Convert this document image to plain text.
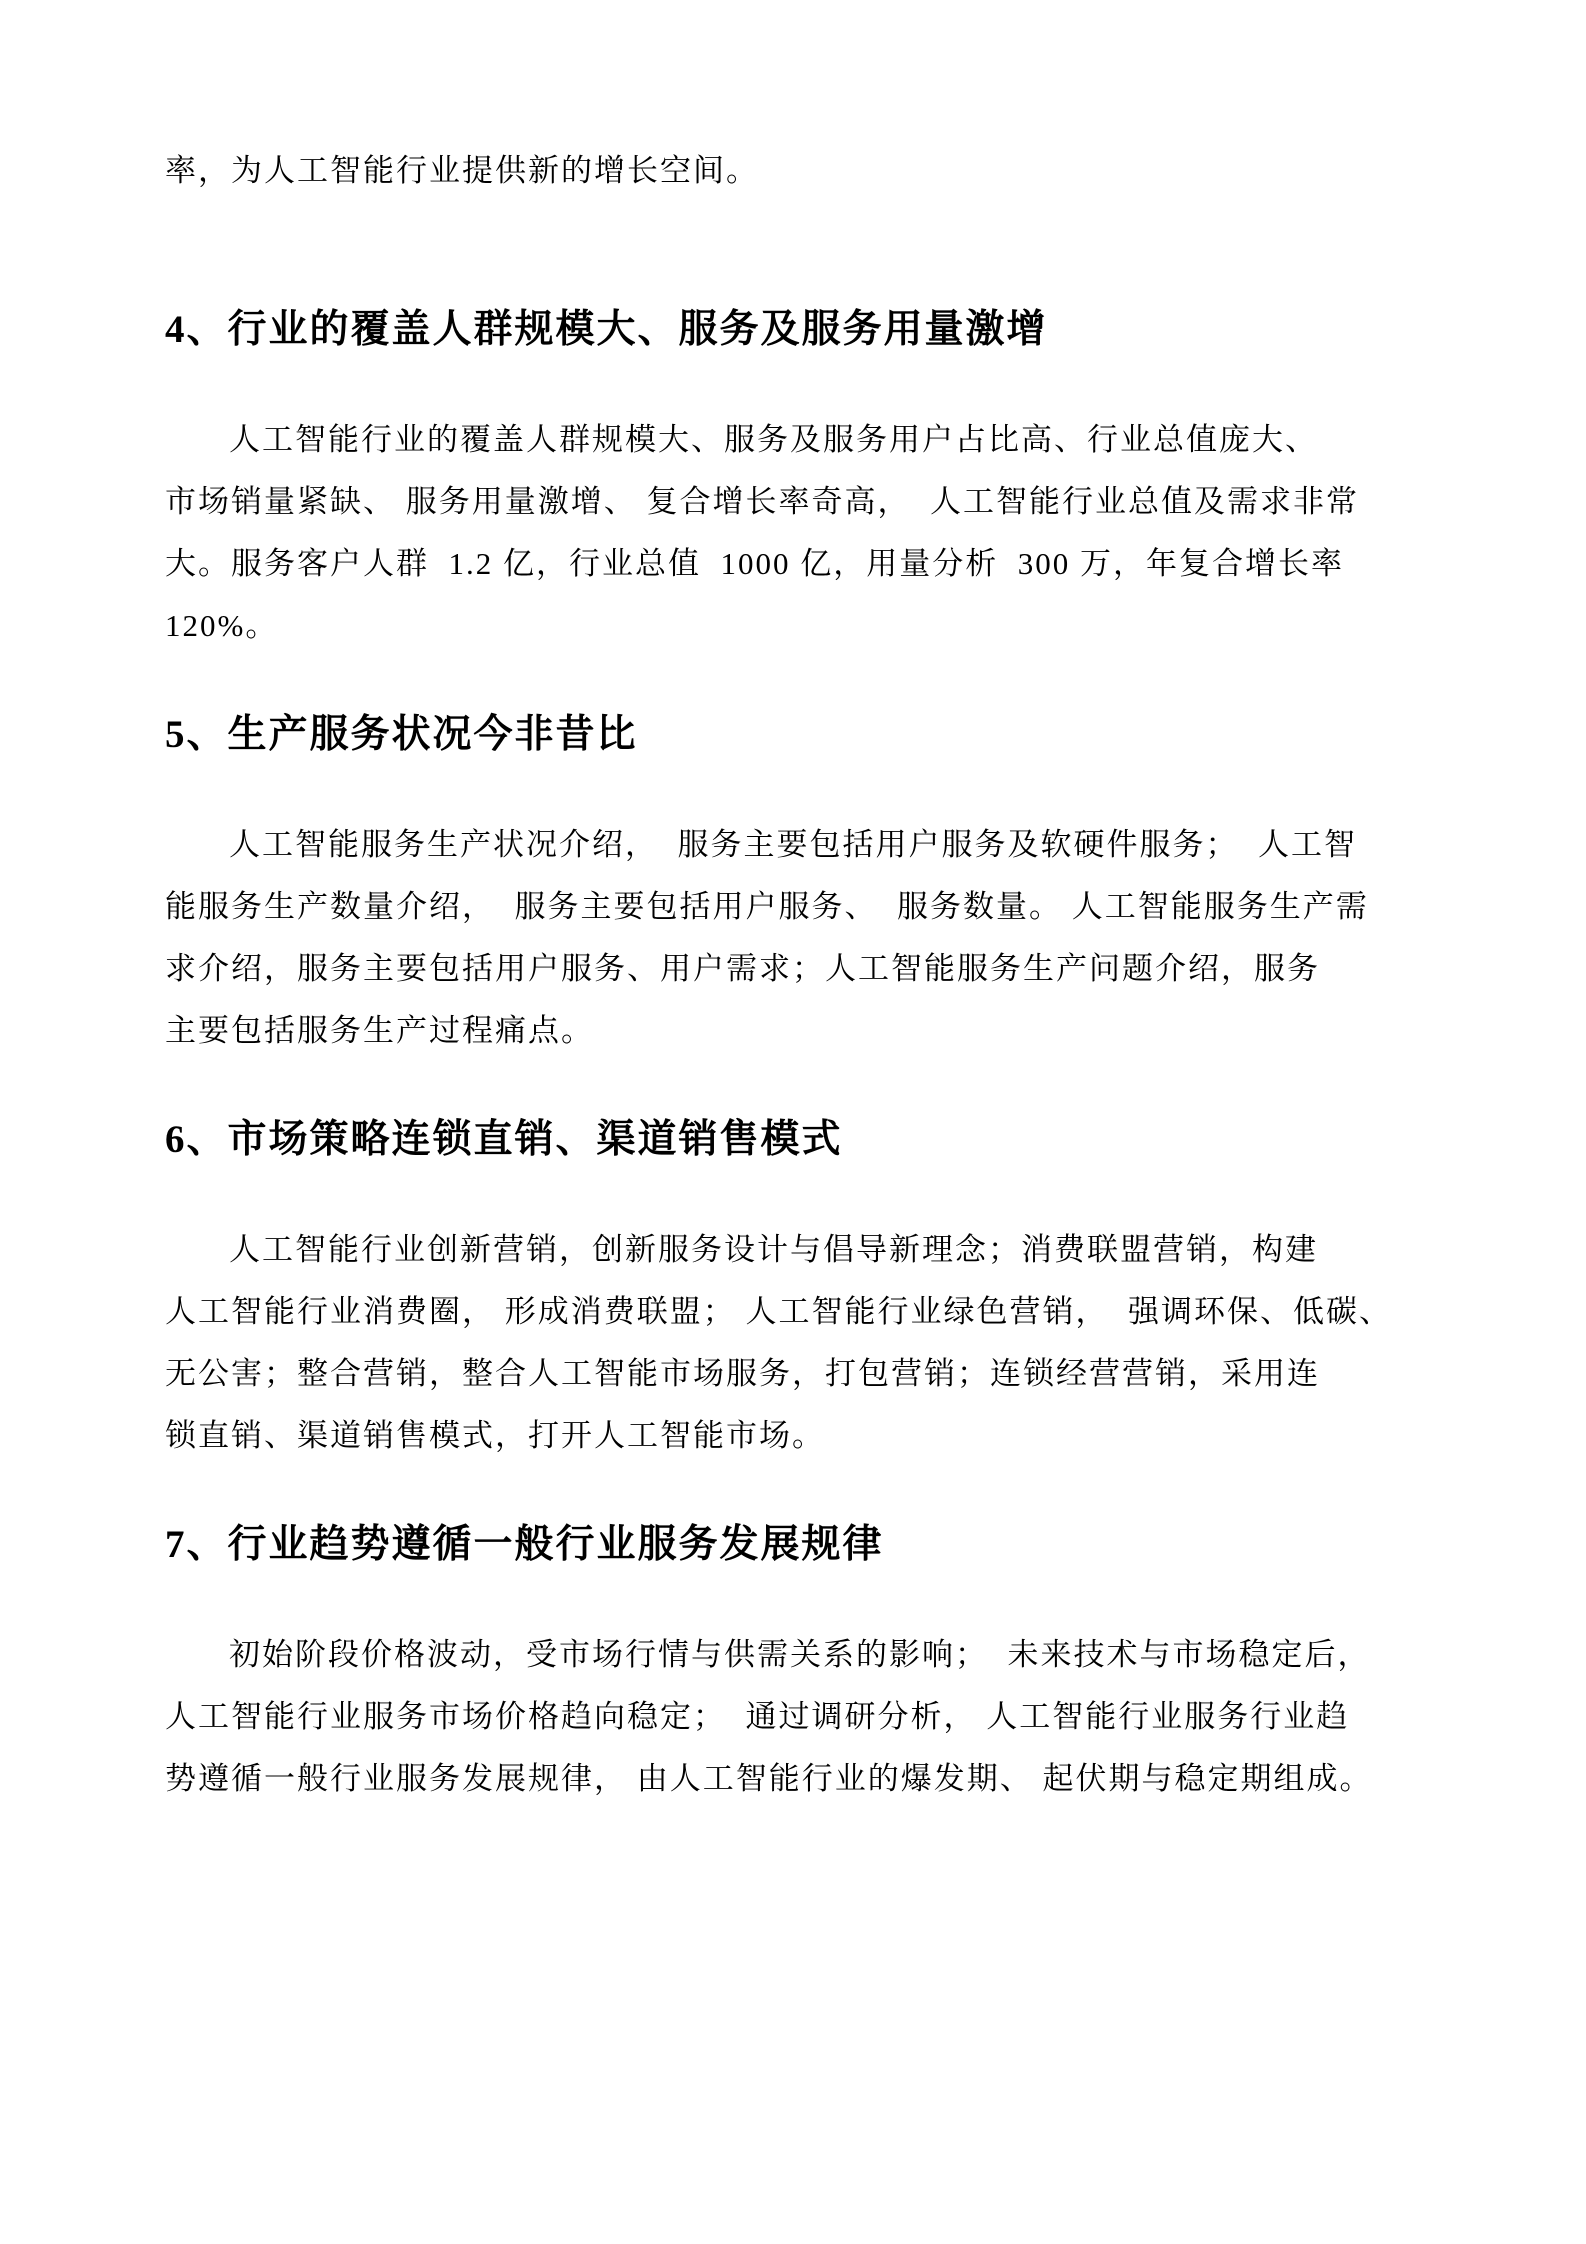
率，为人工智能行业提供新的增长空间。

4、行业的覆盖人群规模大、服务及服务用量激增

人工智能行业的覆盖人群规模大、服务及服务用户占比高、行业总值庞大、

市场销量紧缺、 服务用量激增、 复合增长率奇高，  人工智能行业总值及需求非常

大。服务客户人群  1.2 亿，行业总值  1000 亿，用量分析  300 万，年复合增长率

120%。

5、生产服务状况今非昔比

人工智能服务生产状况介绍，  服务主要包括用户服务及软硬件服务；  人工智

能服务生产数量介绍，  服务主要包括用户服务、  服务数量。 人工智能服务生产需

求介绍，服务主要包括用户服务、用户需求；人工智能服务生产问题介绍，服务

主要包括服务生产过程痛点。

6、市场策略连锁直销、渠道销售模式

人工智能行业创新营销，创新服务设计与倡导新理念；消费联盟营销，构建

人工智能行业消费圈， 形成消费联盟； 人工智能行业绿色营销，  强调环保、低碳、

无公害；整合营销，整合人工智能市场服务，打包营销；连锁经营营销，采用连

锁直销、渠道销售模式，打开人工智能市场。

7、行业趋势遵循一般行业服务发展规律

初始阶段价格波动，受市场行情与供需关系的影响；  未来技术与市场稳定后，

人工智能行业服务市场价格趋向稳定；  通过调研分析， 人工智能行业服务行业趋

势遵循一般行业服务发展规律， 由人工智能行业的爆发期、 起伏期与稳定期组成。
